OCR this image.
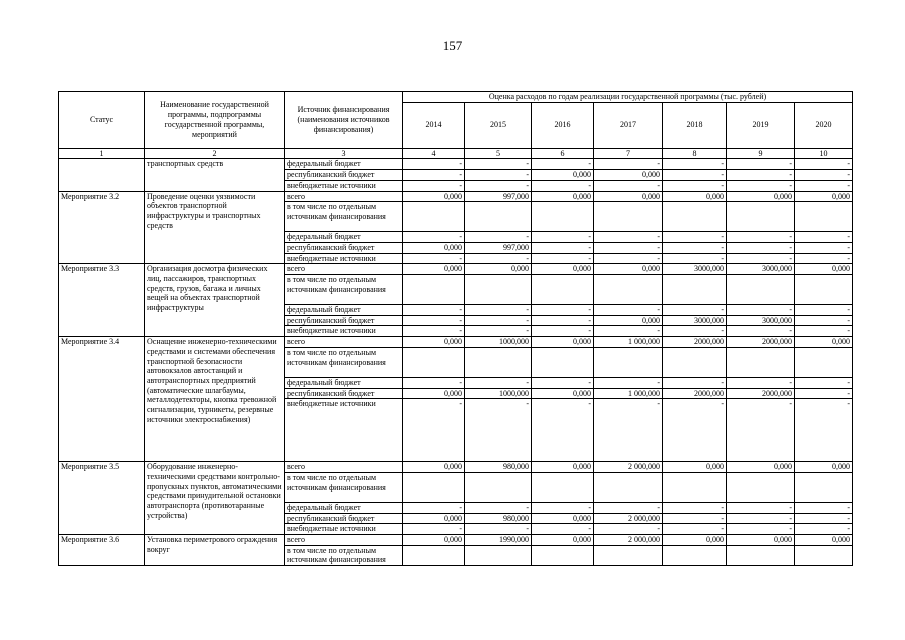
157
Статус	Наименование государственной программы, подпрограммы государственной программы, мероприятий	Источник финансирования (наименования источников финансирования)	Оценка расходов по годам реализации государственной программы (тыс. рублей)						
			2014	2015	2016	2017	2018	2019	2020
1	2	3	4	5	6	7	8	9	10
	транспортных средств	федеральный бюджет	-	-	-	-	-	-	-
		республиканский бюджет	-	-	0,000	0,000	-	-	-
		внебюджетные источники	-	-	-	-	-	-	-
Мероприятие 3.2	Проведение оценки уязвимости объектов транспортной инфраструктуры и транспортных средств	всего	0,000	997,000	0,000	0,000	0,000	0,000	0,000
		в том числе по отдельным источникам финансирования							
		федеральный бюджет	-	-	-	-	-	-	-
		республиканский бюджет	0,000	997,000	-	-	-	-	-
		внебюджетные источники	-	-	-	-	-	-	-
Мероприятие 3.3	Организация досмотра физических лиц, пассажиров, транспортных средств, грузов, багажа и личных вещей на объектах транспортной инфраструктуры	всего	0,000	0,000	0,000	0,000	3000,000	3000,000	0,000
		в том числе по отдельным источникам финансирования							
		федеральный бюджет	-	-	-	-	-	-	-
		республиканский бюджет	-	-	-	0,000	3000,000	3000,000	-
		внебюджетные источники	-	-	-	-	-	-	-
Мероприятие 3.4	Оснащение инженерно-техническими средствами и системами обеспечения транспортной безопасности автовокзалов автостанций и автотранспортных предприятий (автоматические шлагбаумы, металлодетекторы, кнопка тревожной сигнализации, турникеты, резервные источники электроснабжения)	всего	0,000	1000,000	0,000	1 000,000	2000,000	2000,000	0,000
		в том числе по отдельным источникам финансирования							
		федеральный бюджет	-	-	-	-	-	-	-
		республиканский бюджет	0,000	1000,000	0,000	1 000,000	2000,000	2000,000	-
		внебюджетные источники	-	-	-	-	-	-	-
Мероприятие 3.5	Оборудование инженерно-техническими средствами контрольно-пропускных пунктов, автоматическими средствами принудительной остановки автотранспорта (противотаранные устройства)	всего	0,000	980,000	0,000	2 000,000	0,000	0,000	0,000
		в том числе по отдельным источникам финансирования							
		федеральный бюджет	-	-	-	-	-	-	-
		республиканский бюджет	0,000	980,000	0,000	2 000,000	-	-	-
		внебюджетные источники	-	-	-	-	-	-	-
Мероприятие 3.6	Установка периметрового ограждения вокруг	всего	0,000	1990,000	0,000	2 000,000	0,000	0,000	0,000
		в том числе по отдельным источникам финансирования							
